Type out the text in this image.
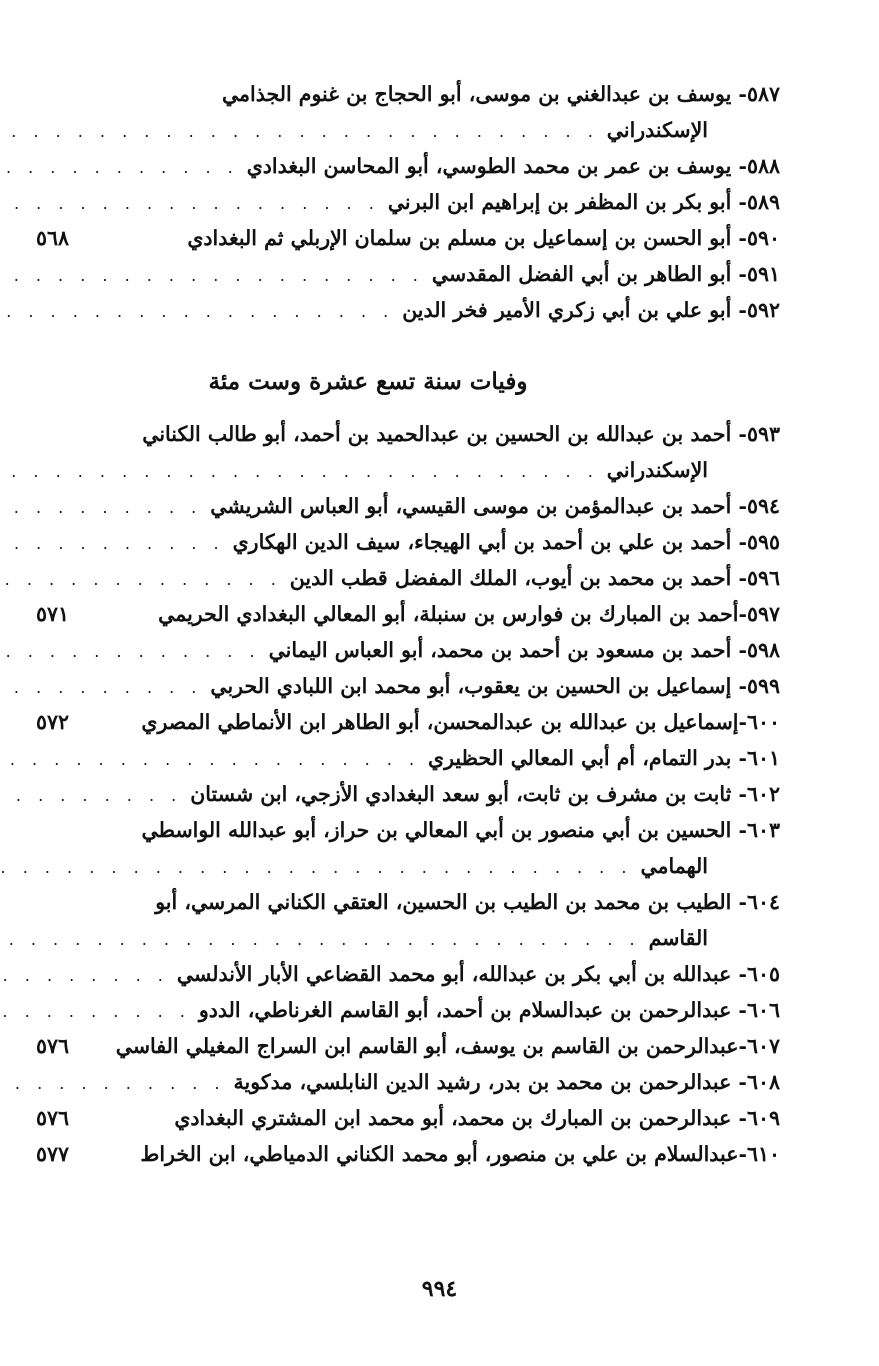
٥٨٧- يوسف بن عبدالغني بن موسى، أبو الحجاج بن غنوم الجذامي
الإسكندراني
. . .
٥٨٨- يوسف بن عمر بن محمد الطوسي، أبو المحاسن البغدادي
. . .
٥٨٩- أبو بكر بن المظفر بن إبراهيم ابن البرني
. . .
٥٩٠- أبو الحسن بن إسماعيل بن مسلم بن سلمان الإربلي ثم البغدادي
٥٦٨
٥٩١- أبو الطاهر بن أبي الفضل المقدسي
. . .
٥٩٢- أبو علي بن أبي زكري الأمير فخر الدين
. . .
وفيات سنة تسع عشرة وست مئة
٥٩٣- أحمد بن عبدالله بن الحسين بن عبدالحميد بن أحمد، أبو طالب الكناني
الإسكندراني
. . .
٥٩٤- أحمد بن عبدالمؤمن بن موسى القيسي، أبو العباس الشريشي
. . .
٥٩٥- أحمد بن علي بن أحمد بن أبي الهيجاء، سيف الدين الهكاري
. . .
٥٩٦- أحمد بن محمد بن أيوب، الملك المفضل قطب الدين
. . .
٥٩٧-أحمد بن المبارك بن فوارس بن سنبلة، أبو المعالي البغدادي الحريمي
٥٧١
٥٩٨- أحمد بن مسعود بن أحمد بن محمد، أبو العباس اليماني
. . .
٥٩٩- إسماعيل بن الحسين بن يعقوب، أبو محمد ابن اللبادي الحربي
. . .
٦٠٠-إسماعيل بن عبدالله بن عبدالمحسن، أبو الطاهر ابن الأنماطي المصري
٥٧٢
٦٠١- بدر التمام، أم أبي المعالي الحظيري
. . .
٦٠٢- ثابت بن مشرف بن ثابت، أبو سعد البغدادي الأزجي، ابن شستان
. . .
٦٠٣- الحسين بن أبي منصور بن أبي المعالي بن حراز، أبو عبدالله الواسطي
الهمامي
. . .
٦٠٤- الطيب بن محمد بن الطيب بن الحسين، العتقي الكناني المرسي، أبو
القاسم
. . .
٦٠٥- عبدالله بن أبي بكر بن عبدالله، أبو محمد القضاعي الأبار الأندلسي
. . .
٦٠٦- عبدالرحمن بن عبدالسلام بن أحمد، أبو القاسم الغرناطي، الددو
. . .
٦٠٧-عبدالرحمن بن القاسم بن يوسف، أبو القاسم ابن السراج المغيلي الفاسي
٥٧٦
٦٠٨- عبدالرحمن بن محمد بن بدر، رشيد الدين النابلسي، مدكوية
. . .
٦٠٩- عبدالرحمن بن المبارك بن محمد، أبو محمد ابن المشتري البغدادي
٥٧٦
٦١٠-عبدالسلام بن علي بن منصور، أبو محمد الكناني الدمياطي، ابن الخراط
٥٧٧
٩٩٤
